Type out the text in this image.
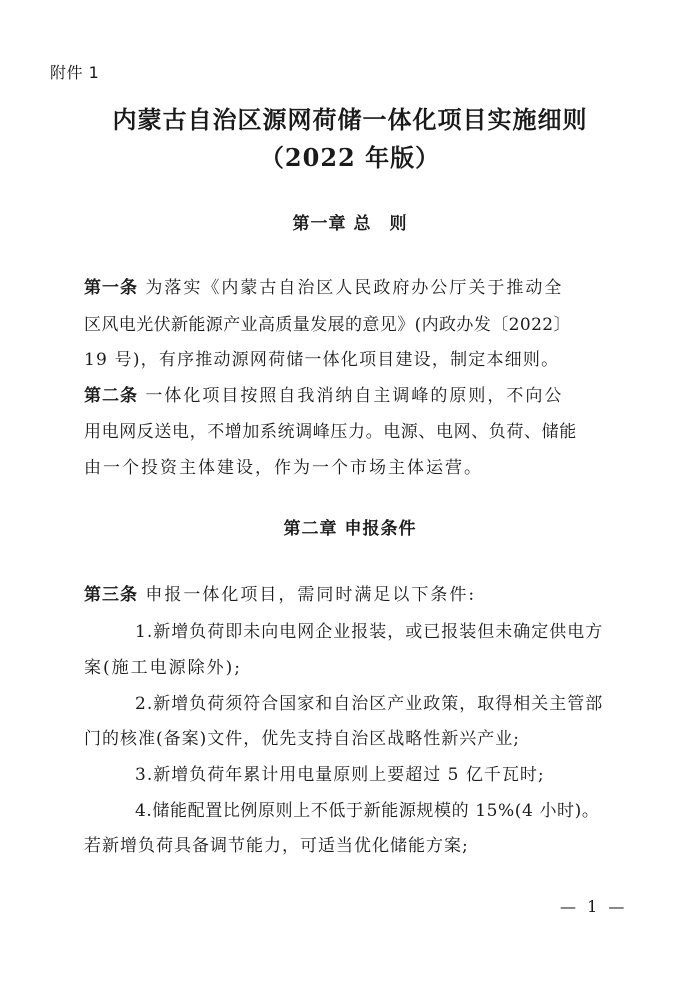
附件 1
内蒙古自治区源网荷储一体化项目实施细则
（2022 年版）
第一章 总　则
第一条 为落实《内蒙古自治区人民政府办公厅关于推动全
区风电光伏新能源产业高质量发展的意见》(内政办发〔2022〕
19 号)，有序推动源网荷储一体化项目建设，制定本细则。
第二条 一体化项目按照自我消纳自主调峰的原则，不向公
用电网反送电，不增加系统调峰压力。电源、电网、负荷、储能
由一个投资主体建设，作为一个市场主体运营。
第二章 申报条件
第三条 申报一体化项目，需同时满足以下条件:
1.新增负荷即未向电网企业报装，或已报装但未确定供电方
案(施工电源除外);
2.新增负荷须符合国家和自治区产业政策，取得相关主管部
门的核准(备案)文件，优先支持自治区战略性新兴产业;
3.新增负荷年累计用电量原则上要超过 5 亿千瓦时;
4.储能配置比例原则上不低于新能源规模的 15%(4 小时)。
若新增负荷具备调节能力，可适当优化储能方案;
— 1 —
